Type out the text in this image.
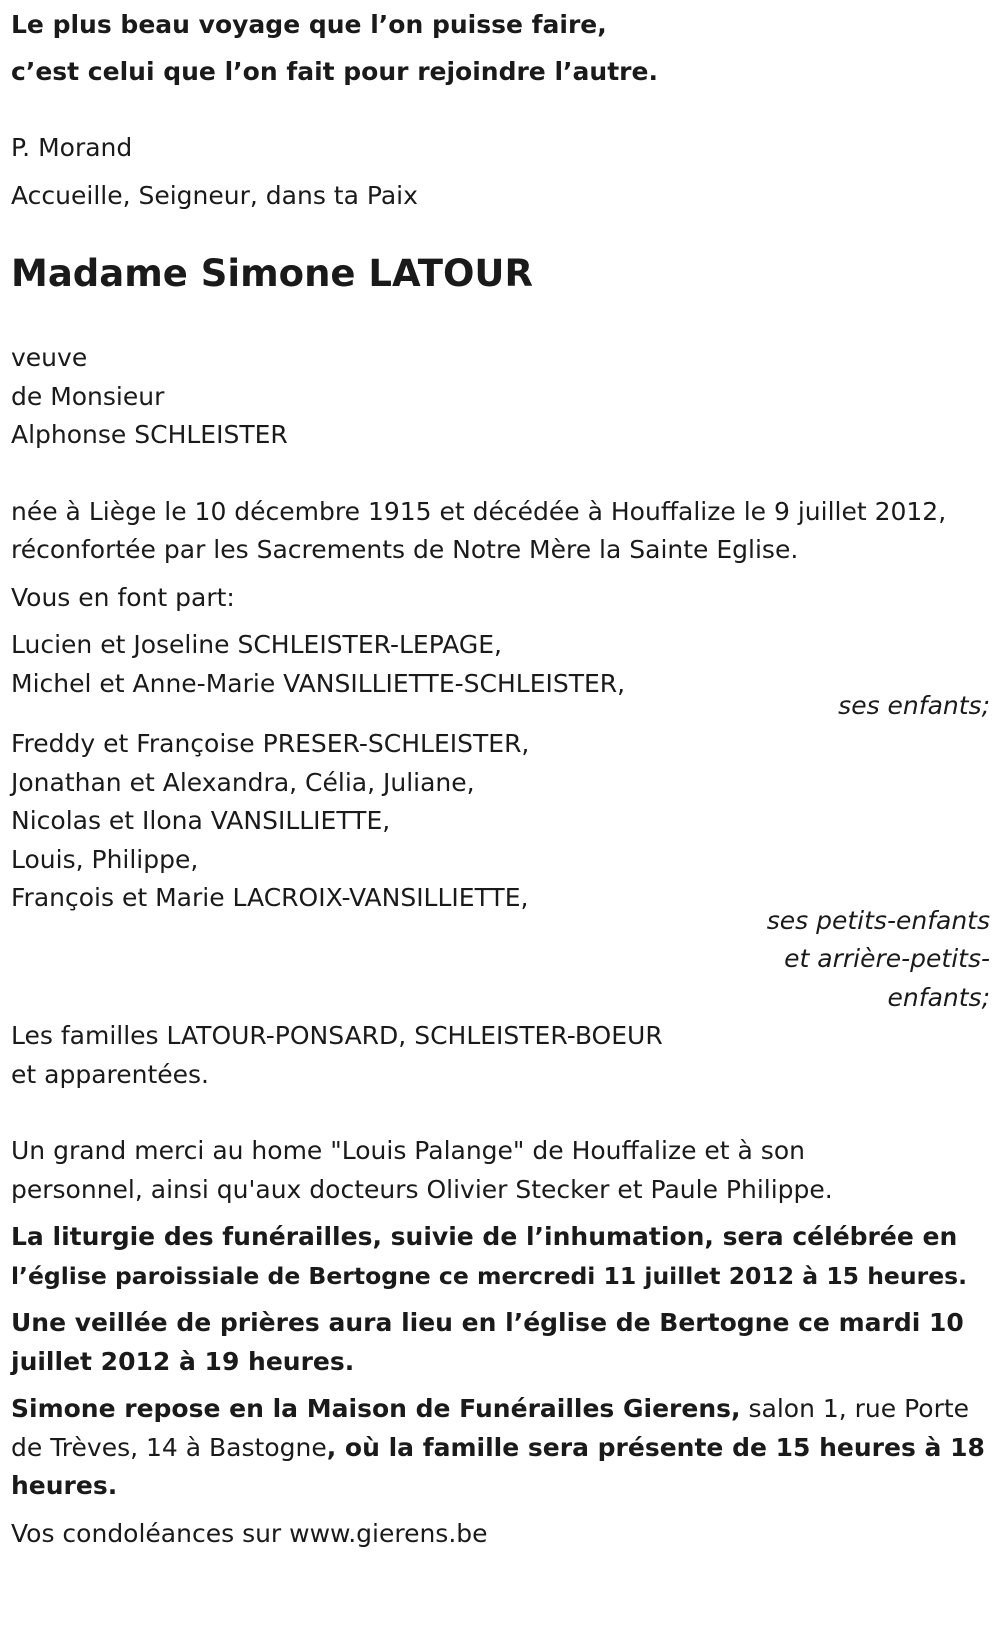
Le plus beau voyage que l’on puisse faire,
c’est celui que l’on fait pour rejoindre l’autre.
P. Morand
Accueille, Seigneur, dans ta Paix
Madame Simone LATOUR
veuve
de Monsieur
Alphonse SCHLEISTER
née à Liège le 10 décembre 1915 et décédée à Houffalize le 9 juillet 2012,
réconfortée par les Sacrements de Notre Mère la Sainte Eglise.
Vous en font part:
Lucien et Joseline SCHLEISTER-LEPAGE,
Michel et Anne-Marie VANSILLIETTE-SCHLEISTER,
ses enfants;
Freddy et Françoise PRESER-SCHLEISTER,
Jonathan et Alexandra, Célia, Juliane,
Nicolas et Ilona VANSILLIETTE,
Louis, Philippe,
François et Marie LACROIX-VANSILLIETTE,
ses petits-enfants
et arrière-petits-
enfants;
Les familles LATOUR-PONSARD, SCHLEISTER-BOEUR
et apparentées.
Un grand merci au home "Louis Palange" de Houffalize et à son
personnel, ainsi qu'aux docteurs Olivier Stecker et Paule Philippe.
La liturgie des funérailles, suivie de l’inhumation, sera célébrée en
l’église paroissiale de Bertogne ce mercredi 11 juillet 2012 à 15 heures.
Une veillée de prières aura lieu en l’église de Bertogne ce mardi 10
juillet 2012 à 19 heures.
Simone repose en la Maison de Funérailles Gierens, salon 1, rue Porte
de Trèves, 14 à Bastogne, où la famille sera présente de 15 heures à 18
heures.
Vos condoléances sur www.gierens.be
